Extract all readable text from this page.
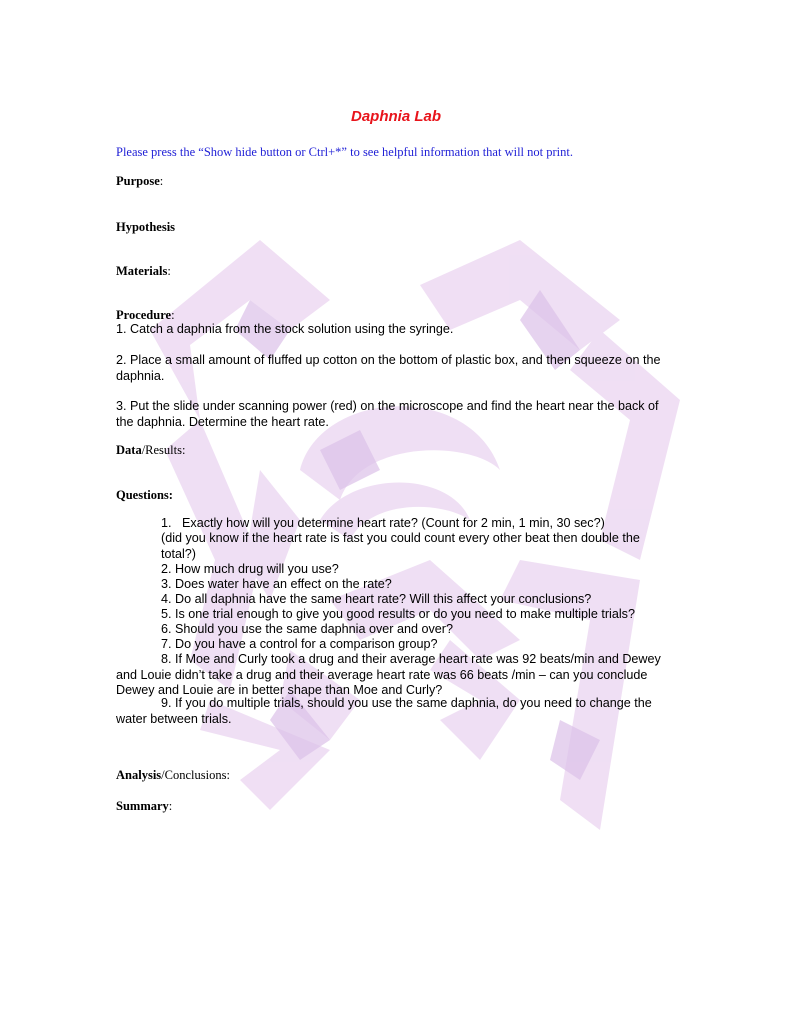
Daphnia Lab
Please press the “Show hide button or Ctrl+*” to see helpful information that will not print.
Purpose:
Hypothesis
Materials:
Procedure:
1. Catch a daphnia from the stock solution using the syringe.
2. Place a small amount of fluffed up cotton on the bottom of plastic box, and then squeeze on the daphnia.
3. Put the slide under scanning power (red) on the microscope and find the heart near the back of the daphnia. Determine the heart rate.
Data/Results:
Questions:
1.   Exactly how will you determine heart rate? (Count for 2 min, 1 min, 30 sec?)
(did you know if the heart rate is fast you could count every other beat then double the total?)
2. How much drug will you use?
3. Does water have an effect on the rate?
4. Do all daphnia have the same heart rate? Will this affect your conclusions?
5. Is one trial enough to give you good results or do you need to make multiple trials?
6. Should you use the same daphnia over and over?
7. Do you have a control for a comparison group?
8. If Moe and Curly took a drug and their average heart rate was 92 beats/min and Dewey and Louie didn’t take a drug and their average heart rate was 66 beats /min – can you conclude Dewey and Louie are in better shape than Moe and Curly?
9. If you do multiple trials, should you use the same daphnia, do you need to change the water between trials.
Analysis/Conclusions:
Summary:
